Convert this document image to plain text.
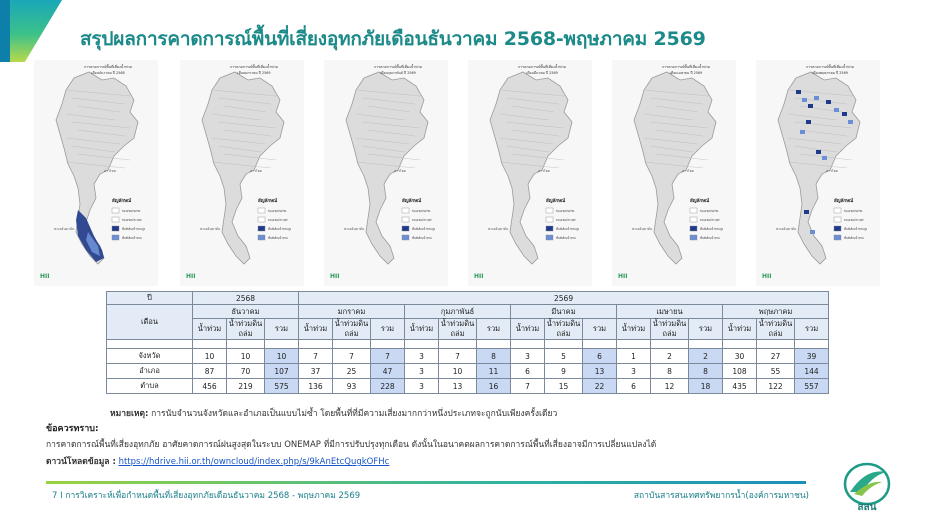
สรุปผลการคาดการณ์พื้นที่เสี่ยงอุทกภัยเดือนธันวาคม 2568-พฤษภาคม 2569
การคาดการณ์พื้นที่เสี่ยงน้ำท่วม
เดือนธันวาคม ปี 2568
อ่าวไทย
ทะเลอันดามัน
สัญลักษณ์
ขอบเขตจังหวัด
ขอบเขตประเทศ
พื้นที่เสี่ยงน้ำท่วมสูง
พื้นที่เสี่ยงน้ำท่วม
HII
การคาดการณ์พื้นที่เสี่ยงน้ำท่วม
เดือนมกราคม ปี 2569
อ่าวไทย
ทะเลอันดามัน
สัญลักษณ์
ขอบเขตจังหวัด
ขอบเขตประเทศ
พื้นที่เสี่ยงน้ำท่วมสูง
พื้นที่เสี่ยงน้ำท่วม
HII
การคาดการณ์พื้นที่เสี่ยงน้ำท่วม
เดือนกุมภาพันธ์ ปี 2569
อ่าวไทย
ทะเลอันดามัน
สัญลักษณ์
ขอบเขตจังหวัด
ขอบเขตประเทศ
พื้นที่เสี่ยงน้ำท่วมสูง
พื้นที่เสี่ยงน้ำท่วม
HII
การคาดการณ์พื้นที่เสี่ยงน้ำท่วม
เดือนมีนาคม ปี 2569
อ่าวไทย
ทะเลอันดามัน
สัญลักษณ์
ขอบเขตจังหวัด
ขอบเขตประเทศ
พื้นที่เสี่ยงน้ำท่วมสูง
พื้นที่เสี่ยงน้ำท่วม
HII
การคาดการณ์พื้นที่เสี่ยงน้ำท่วม
เดือนเมษายน ปี 2569
อ่าวไทย
ทะเลอันดามัน
สัญลักษณ์
ขอบเขตจังหวัด
ขอบเขตประเทศ
พื้นที่เสี่ยงน้ำท่วมสูง
พื้นที่เสี่ยงน้ำท่วม
HII
การคาดการณ์พื้นที่เสี่ยงน้ำท่วม
เดือนพฤษภาคม ปี 2569
อ่าวไทย
ทะเลอันดามัน
สัญลักษณ์
ขอบเขตจังหวัด
ขอบเขตประเทศ
พื้นที่เสี่ยงน้ำท่วมสูง
พื้นที่เสี่ยงน้ำท่วม
HII
ปี	2568			2569														
เดือน	ธันวาคม			มกราคม			กุมภาพันธ์			มีนาคม			เมษายน			พฤษภาคม		
	น้ำท่วม	น้ำท่วมดินถล่ม	รวม	น้ำท่วม	น้ำท่วมดินถล่ม	รวม	น้ำท่วม	น้ำท่วมดินถล่ม	รวม	น้ำท่วม	น้ำท่วมดินถล่ม	รวม	น้ำท่วม	น้ำท่วมดินถล่ม	รวม	น้ำท่วม	น้ำท่วมดินถล่ม	รวม

จังหวัด	10	10	10	7	7	7	3	7	8	3	5	6	1	2	2	30	27	39
อำเภอ	87	70	107	37	25	47	3	10	11	6	9	13	3	8	8	108	55	144
ตำบล	456	219	575	136	93	228	3	13	16	7	15	22	6	12	18	435	122	557
หมายเหตุ: การนับจำนวนจังหวัดและอำเภอเป็นแบบไม่ซ้ำ โดยพื้นที่ที่มีความเสี่ยงมากกว่าหนึ่งประเภทจะถูกนับเพียงครั้งเดียว
ข้อควรทราบ:
การคาดการณ์พื้นที่เสี่ยงอุทกภัย อาศัยคาดการณ์ฝนสูงสุดในระบบ ONEMAP ที่มีการปรับปรุงทุกเดือน ดังนั้นในอนาคตผลการคาดการณ์พื้นที่เสี่ยงอาจมีการเปลี่ยนแปลงได้
ดาวน์โหลดข้อมูล : https://hdrive.hii.or.th/owncloud/index.php/s/9kAnEtcQugkOFHc
7 I การวิเคราะห์เพื่อกำหนดพื้นที่เสี่ยงอุทกภัยเดือนธันวาคม 2568 - พฤษภาคม 2569	สถาบันสารสนเทศทรัพยากรน้ำ(องค์การมหาชน)
สสน
